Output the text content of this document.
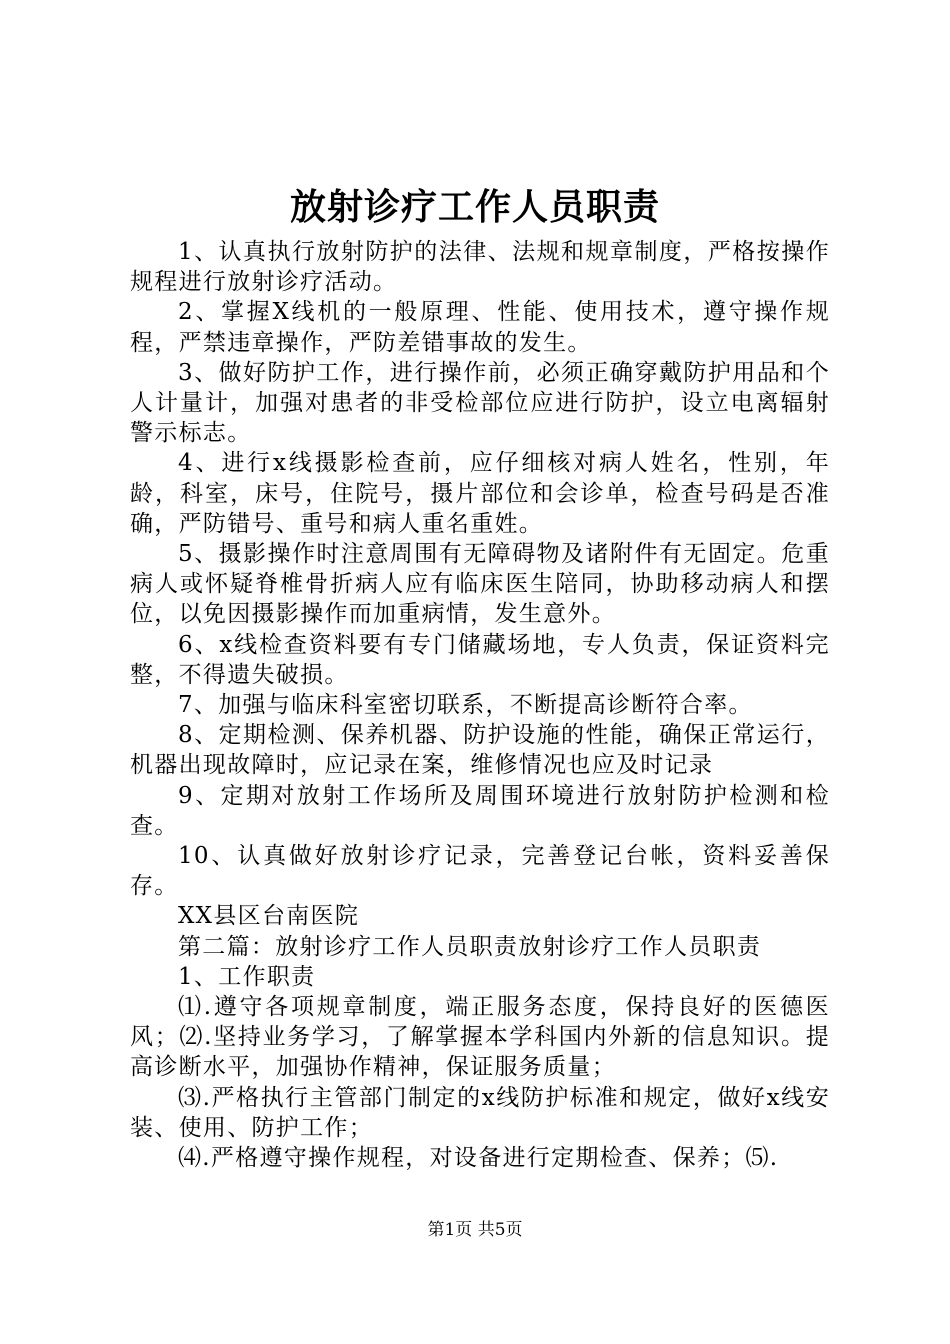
放射诊疗工作人员职责

1、认真执行放射防护的法律、法规和规章制度，严格按操作规程进行放射诊疗活动。

2、掌握X线机的一般原理、性能、使用技术，遵守操作规程，严禁违章操作，严防差错事故的发生。

3、做好防护工作，进行操作前，必须正确穿戴防护用品和个人计量计，加强对患者的非受检部位应进行防护，设立电离辐射警示标志。

4、进行x线摄影检查前，应仔细核对病人姓名，性别，年龄，科室，床号，住院号，摄片部位和会诊单，检查号码是否准确，严防错号、重号和病人重名重姓。

5、摄影操作时注意周围有无障碍物及诸附件有无固定。危重病人或怀疑脊椎骨折病人应有临床医生陪同，协助移动病人和摆位，以免因摄影操作而加重病情，发生意外。

6、x线检查资料要有专门储藏场地，专人负责，保证资料完整，不得遗失破损。

7、加强与临床科室密切联系，不断提高诊断符合率。

8、定期检测、保养机器、防护设施的性能，确保正常运行，机器出现故障时，应记录在案，维修情况也应及时记录

9、定期对放射工作场所及周围环境进行放射防护检测和检查。

10、认真做好放射诊疗记录，完善登记台帐，资料妥善保存。

XX县区台南医院

第二篇：放射诊疗工作人员职责放射诊疗工作人员职责

1、工作职责

⑴.遵守各项规章制度，端正服务态度，保持良好的医德医风；⑵.坚持业务学习，了解掌握本学科国内外新的信息知识。提高诊断水平，加强协作精神，保证服务质量；

⑶.严格执行主管部门制定的x线防护标准和规定，做好x线安装、使用、防护工作；

⑷.严格遵守操作规程，对设备进行定期检查、保养；⑸.

第1页 共5页
